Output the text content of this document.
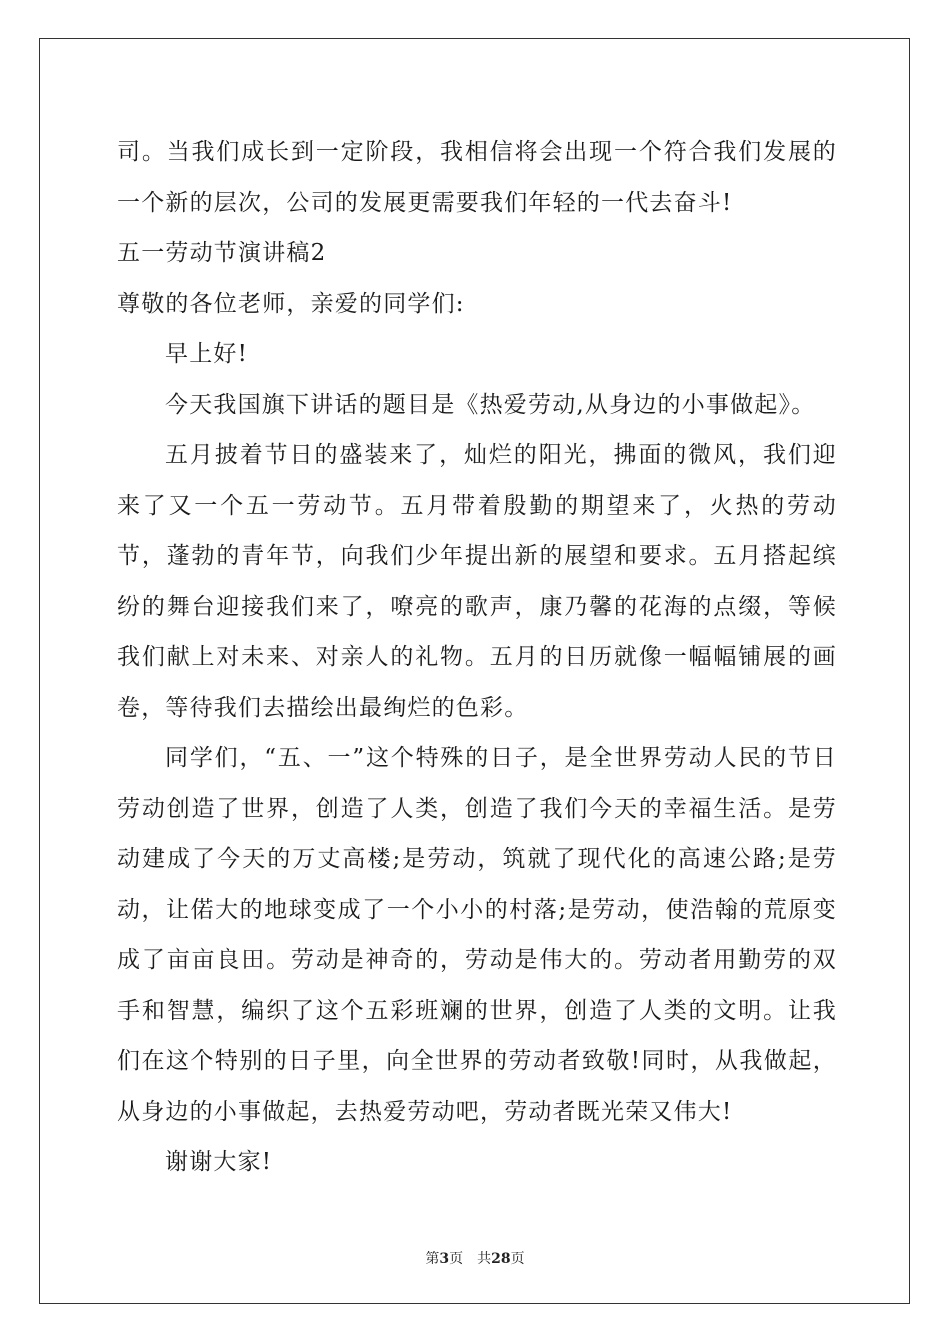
司。当我们成长到一定阶段，我相信将会出现一个符合我们发展的一个新的层次，公司的发展更需要我们年轻的一代去奋斗!

五一劳动节演讲稿2

尊敬的各位老师，亲爱的同学们:

早上好!

今天我国旗下讲话的题目是《热爱劳动,从身边的小事做起》。

五月披着节日的盛装来了，灿烂的阳光，拂面的微风，我们迎来了又一个五一劳动节。五月带着殷勤的期望来了，火热的劳动节，蓬勃的青年节，向我们少年提出新的展望和要求。五月搭起缤纷的舞台迎接我们来了，嘹亮的歌声，康乃馨的花海的点缀，等候我们献上对未来、对亲人的礼物。五月的日历就像一幅幅铺展的画卷，等待我们去描绘出最绚烂的色彩。

同学们，“五、一”这个特殊的日子，是全世界劳动人民的节日劳动创造了世界，创造了人类，创造了我们今天的幸福生活。是劳动建成了今天的万丈高楼;是劳动，筑就了现代化的高速公路;是劳动，让偌大的地球变成了一个小小的村落;是劳动，使浩翰的荒原变成了亩亩良田。劳动是神奇的，劳动是伟大的。劳动者用勤劳的双手和智慧，编织了这个五彩班斓的世界，创造了人类的文明。让我们在这个特别的日子里，向全世界的劳动者致敬!同时，从我做起，从身边的小事做起，去热爱劳动吧，劳动者既光荣又伟大!

谢谢大家!

第3页　共28页
